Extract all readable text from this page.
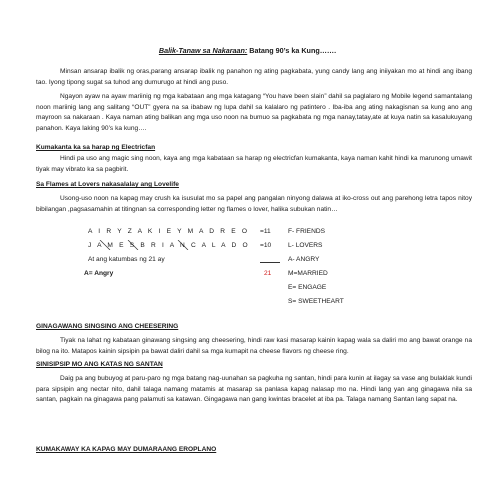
Balik-Tanaw sa Nakaraan: Batang 90’s ka Kung…….

Minsan ansarap ibalik ng oras,parang ansarap ibalik ng panahon ng ating pagkabata, yung candy lang ang iniiyakan mo at hindi ang ibang tao. Iyong tipong sugat sa tuhod ang dumurugo at hindi ang puso.

Ngayon ayaw na ayaw mariinig ng mga kabataan ang mga katagang “You have been slain” dahil sa paglalaro ng Mobile legend samantalang noon mariinig lang ang salitang “OUT” gyera na sa ibabaw ng lupa dahil sa kalalaro ng patintero . Iba-iba ang ating nakagisnan sa kung ano ang mayroon sa nakaraan . Kaya naman ating balikan ang mga uso noon na bumuo sa pagkabata ng mga nanay,tatay,ate at kuya natin sa kasalukuyang panahon. Kaya laking 90’s ka kung….

Kumakanta ka sa harap ng Electricfan

Hindi pa uso ang magic sing noon, kaya ang mga kabataan sa harap ng electricfan kumakanta, kaya naman kahit hindi ka marunong umawit tiyak may vibrato ka sa pagbirit.

Sa Flames at Lovers nakasalalay ang Lovelife

Usong-uso noon na kapag may crush ka isusulat mo sa papel ang pangalan ninyong dalawa at iko-cross out ang parehong letra tapos nitoy bibilangan ,pagsasamahin at titingnan sa corresponding letter ng flames o lover, halika subukan natin…

A I R Y Z A K I E Y M A D R E O =11
J A M E S B R I A N C A L A D O =10
At ang katumbas ng 21 ay
A= Angry	21
F- FRIENDS
L- LOVERS
A- ANGRY
M=MARRIED
E= ENGAGE
S= SWEETHEART
GINAGAWANG SINGSING ANG CHEESERING

Tiyak na lahat ng kabataan ginawang singsing ang cheesering, hindi raw kasi masarap kainin kapag wala sa daliri mo ang bawat orange na bilog na ito. Matapos kainin sipsipin pa bawat daliri dahil sa mga kumapit na cheese flavors ng cheese ring.

SINISIPSIP MO ANG KATAS NG SANTAN

Daig pa ang bubuyog at paru-paro ng mga batang nag-uunahan sa pagkuha ng santan, hindi para kunin at ilagay sa vase ang bulaklak kundi para sipsipin ang nectar nito, dahil talaga namang matamis at masarap sa panlasa kapag nalasap mo na. Hindi lang yan ang ginagawa nila sa santan, pagkain na ginagawa pang palamuti sa katawan. Gingagawa nan gang kwintas bracelet at iba pa. Talaga namang Santan lang sapat na.

KUMAKAWAY KA KAPAG MAY DUMARAANG EROPLANO
